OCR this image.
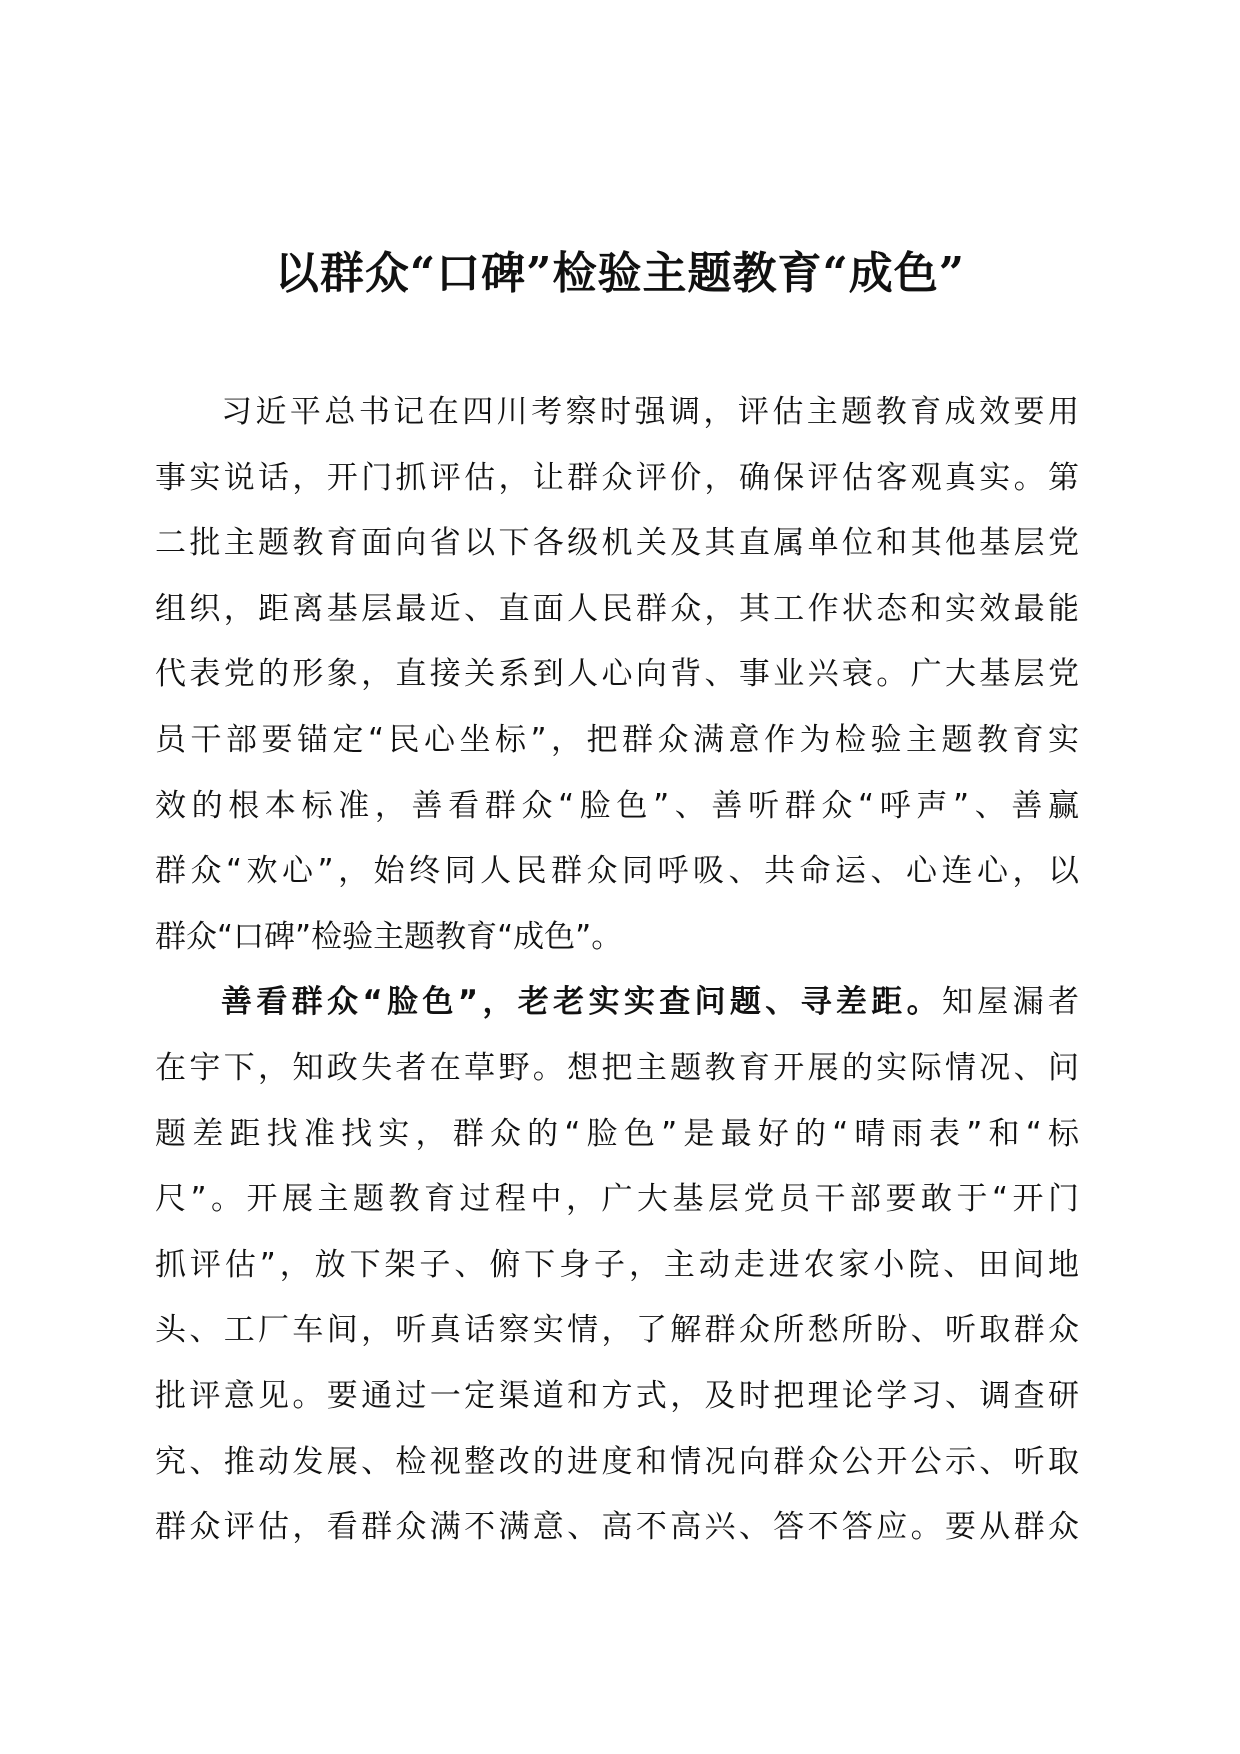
以群众“口碑”检验主题教育“成色”
习近平总书记在四川考察时强调，评估主题教育成效要用
事实说话，开门抓评估，让群众评价，确保评估客观真实。第
二批主题教育面向省以下各级机关及其直属单位和其他基层党
组织，距离基层最近、直面人民群众，其工作状态和实效最能
代表党的形象，直接关系到人心向背、事业兴衰。广大基层党
员干部要锚定“民心坐标”，把群众满意作为检验主题教育实
效的根本标准，善看群众“脸色”、善听群众“呼声”、善赢
群众“欢心”，始终同人民群众同呼吸、共命运、心连心，以
群众“口碑”检验主题教育“成色”。
善看群众“脸色”，老老实实查问题、寻差距。知屋漏者
在宇下，知政失者在草野。想把主题教育开展的实际情况、问
题差距找准找实，群众的“脸色”是最好的“晴雨表”和“标
尺”。开展主题教育过程中，广大基层党员干部要敢于“开门
抓评估”，放下架子、俯下身子，主动走进农家小院、田间地
头、工厂车间，听真话察实情，了解群众所愁所盼、听取群众
批评意见。要通过一定渠道和方式，及时把理论学习、调查研
究、推动发展、检视整改的进度和情况向群众公开公示、听取
群众评估，看群众满不满意、高不高兴、答不答应。要从群众
